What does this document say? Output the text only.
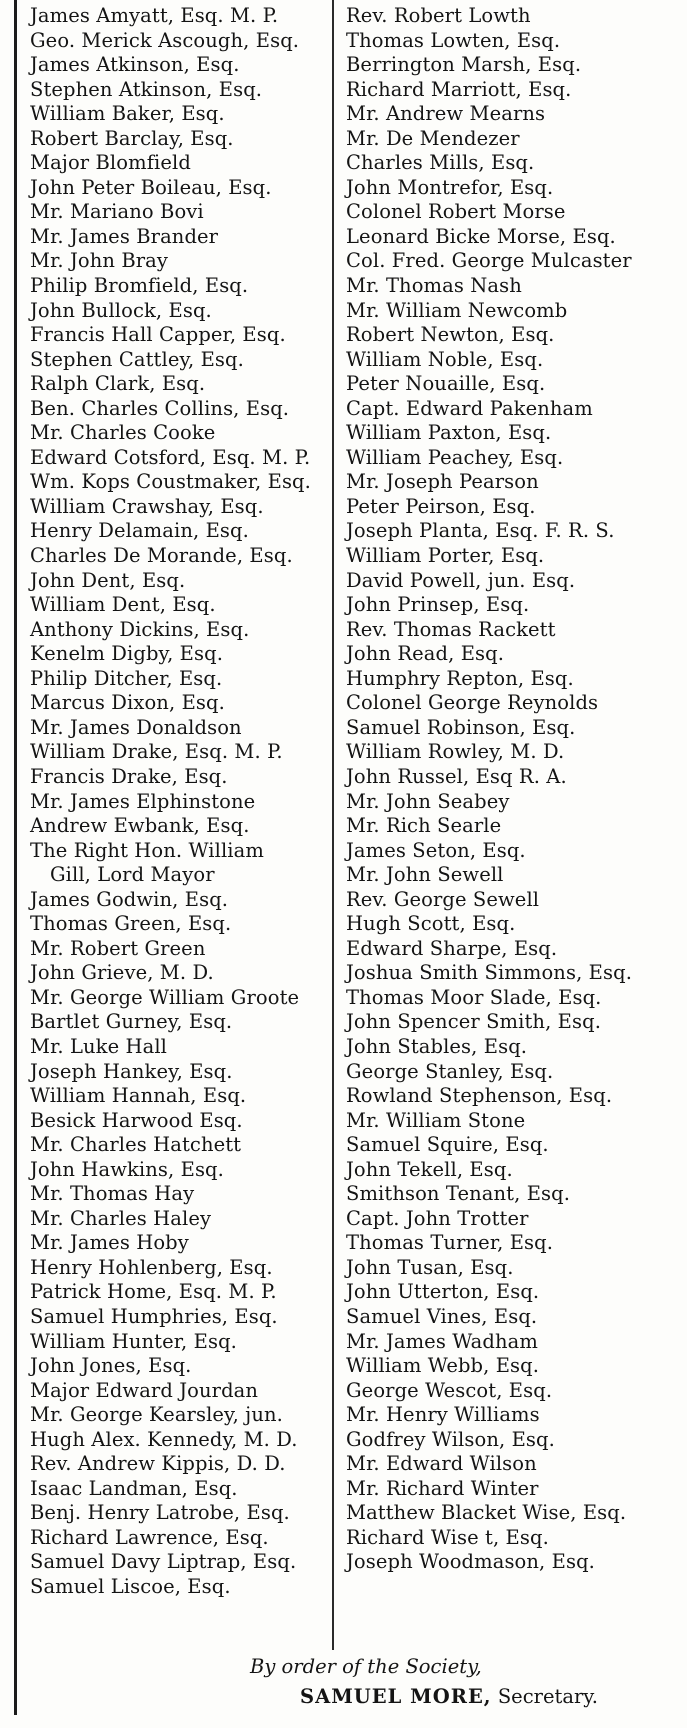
James Amyatt, Esq. M. P.
Geo. Merick Ascough, Esq.
James Atkinson, Esq.
Stephen Atkinson, Esq.
William Baker, Esq.
Robert Barclay, Esq.
Major Blomfield
John Peter Boileau, Esq.
Mr. Mariano Bovi
Mr. James Brander
Mr. John Bray
Philip Bromfield, Esq.
John Bullock, Esq.
Francis Hall Capper, Esq.
Stephen Cattley, Esq.
Ralph Clark, Esq.
Ben. Charles Collins, Esq.
Mr. Charles Cooke
Edward Cotsford, Esq. M. P.
Wm. Kops Coustmaker, Esq.
William Crawshay, Esq.
Henry Delamain, Esq.
Charles De Morande, Esq.
John Dent, Esq.
William Dent, Esq.
Anthony Dickins, Esq.
Kenelm Digby, Esq.
Philip Ditcher, Esq.
Marcus Dixon, Esq.
Mr. James Donaldson
William Drake, Esq. M. P.
Francis Drake, Esq.
Mr. James Elphinstone
Andrew Ewbank, Esq.
The Right Hon. William
Gill, Lord Mayor
James Godwin, Esq.
Thomas Green, Esq.
Mr. Robert Green
John Grieve, M. D.
Mr. George William Groote
Bartlet Gurney, Esq.
Mr. Luke Hall
Joseph Hankey, Esq.
William Hannah, Esq.
Besick Harwood Esq.
Mr. Charles Hatchett
John Hawkins, Esq.
Mr. Thomas Hay
Mr. Charles Haley
Mr. James Hoby
Henry Hohlenberg, Esq.
Patrick Home, Esq. M. P.
Samuel Humphries, Esq.
William Hunter, Esq.
John Jones, Esq.
Major Edward Jourdan
Mr. George Kearsley, jun.
Hugh Alex. Kennedy, M. D.
Rev. Andrew Kippis, D. D.
Isaac Landman, Esq.
Benj. Henry Latrobe, Esq.
Richard Lawrence, Esq.
Samuel Davy Liptrap, Esq.
Samuel Liscoe, Esq.
Rev. Robert Lowth
Thomas Lowten, Esq.
Berrington Marsh, Esq.
Richard Marriott, Esq.
Mr. Andrew Mearns
Mr. De Mendezer
Charles Mills, Esq.
John Montrefor, Esq.
Colonel Robert Morse
Leonard Bicke Morse, Esq.
Col. Fred. George Mulcaster
Mr. Thomas Nash
Mr. William Newcomb
Robert Newton, Esq.
William Noble, Esq.
Peter Nouaille, Esq.
Capt. Edward Pakenham
William Paxton, Esq.
William Peachey, Esq.
Mr. Joseph Pearson
Peter Peirson, Esq.
Joseph Planta, Esq. F. R. S.
William Porter, Esq.
David Powell, jun. Esq.
John Prinsep, Esq.
Rev. Thomas Rackett
John Read, Esq.
Humphry Repton, Esq.
Colonel George Reynolds
Samuel Robinson, Esq.
William Rowley, M. D.
John Russel, Esq R. A.
Mr. John Seabey
Mr. Rich Searle
James Seton, Esq.
Mr. John Sewell
Rev. George Sewell
Hugh Scott, Esq.
Edward Sharpe, Esq.
Joshua Smith Simmons, Esq.
Thomas Moor Slade, Esq.
John Spencer Smith, Esq.
John Stables, Esq.
George Stanley, Esq.
Rowland Stephenson, Esq.
Mr. William Stone
Samuel Squire, Esq.
John Tekell, Esq.
Smithson Tenant, Esq.
Capt. John Trotter
Thomas Turner, Esq.
John Tusan, Esq.
John Utterton, Esq.
Samuel Vines, Esq.
Mr. James Wadham
William Webb, Esq.
George Wescot, Esq.
Mr. Henry Williams
Godfrey Wilson, Esq.
Mr. Edward Wilson
Mr. Richard Winter
Matthew Blacket Wise, Esq.
Richard Wise t, Esq.
Joseph Woodmason, Esq.
By order of the Society,
SAMUEL MORE, Secretary.
